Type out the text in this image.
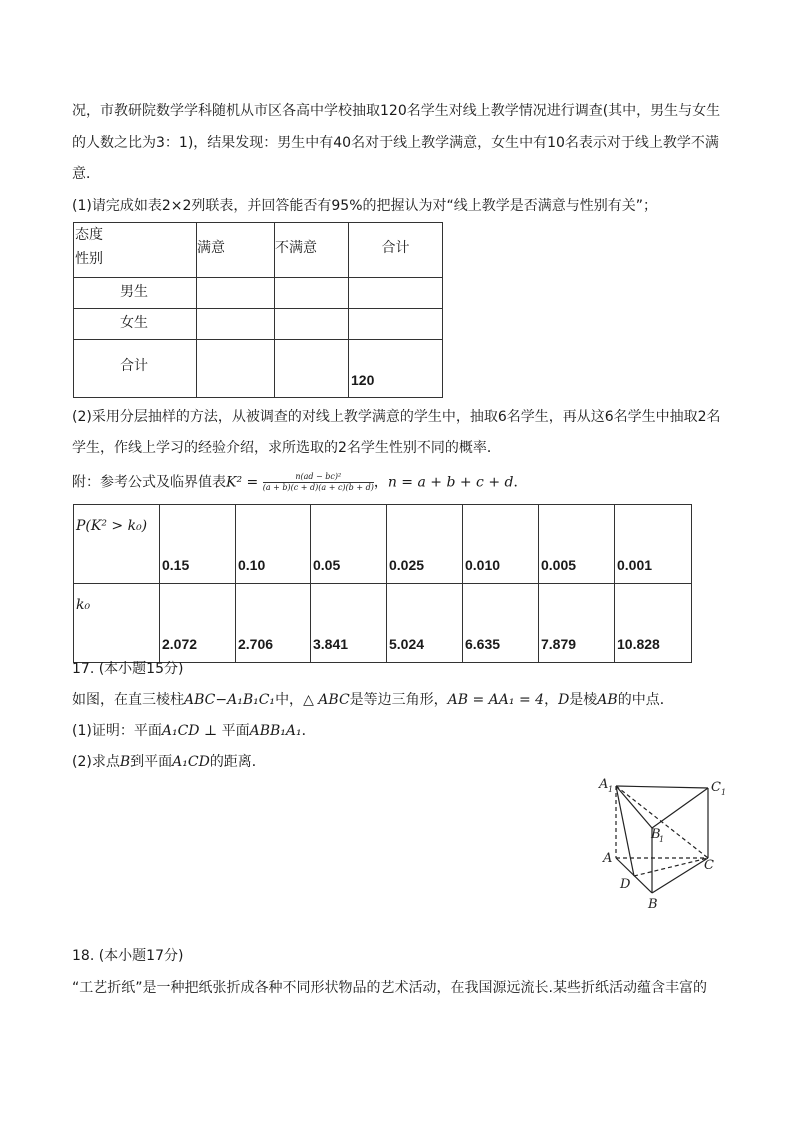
况，市教研院数学学科随机从市区各高中学校抽取120名学生对线上教学情况进行调查(其中，男生与女生
的人数之比为3：1)，结果发现：男生中有40名对于线上教学满意，女生中有10名表示对于线上教学不满
意．
(1)请完成如表2×2列联表，并回答能否有95%的把握认为对“线上教学是否满意与性别有关”；
态度
性别	满意	不满意	合计

男生			

女生			

合计			120
(2)采用分层抽样的方法，从被调查的对线上教学满意的学生中，抽取6名学生，再从这6名学生中抽取2名
学生，作线上学习的经验介绍，求所选取的2名学生性别不同的概率．
附：参考公式及临界值表$K^2 = \frac{\text{n(ad − bc)²}}{(a + b)(c + d)(a + c)(b + d)}$ ，n = a + b + c + d．
P(K² > k₀)	0.15	0.10	0.05	0.025	0.010	0.005	0.001
k₀	2.072	2.706	3.841	5.024	6.635	7.879	10.828
17. (本小题15分)
如图，在直三棱柱ABC−A₁B₁C₁中，△ ABC是等边三角形，AB = AA₁ = 4，D是棱AB的中点．
(1)证明：平面A₁CD ⊥ 平面ABB₁A₁．
(2)求点B到平面A₁CD的距离．
A 1	C 1
B
1
A	C
D
B
18. (本小题17分)
“工艺折纸”是一种把纸张折成各种不同形状物品的艺术活动，在我国源远流长.某些折纸活动蕴含丰富的
